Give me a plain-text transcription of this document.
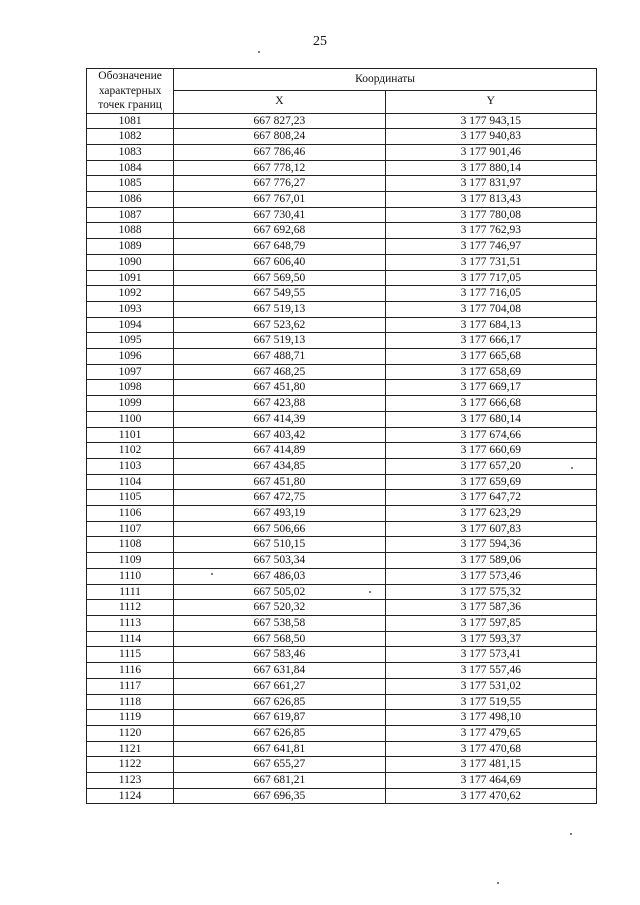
25
Обозначение характерных точек границ	Координаты	
	X	Y
1081	667 827,23	3 177 943,15
1082	667 808,24	3 177 940,83
1083	667 786,46	3 177 901,46
1084	667 778,12	3 177 880,14
1085	667 776,27	3 177 831,97
1086	667 767,01	3 177 813,43
1087	667 730,41	3 177 780,08
1088	667 692,68	3 177 762,93
1089	667 648,79	3 177 746,97
1090	667 606,40	3 177 731,51
1091	667 569,50	3 177 717,05
1092	667 549,55	3 177 716,05
1093	667 519,13	3 177 704,08
1094	667 523,62	3 177 684,13
1095	667 519,13	3 177 666,17
1096	667 488,71	3 177 665,68
1097	667 468,25	3 177 658,69
1098	667 451,80	3 177 669,17
1099	667 423,88	3 177 666,68
1100	667 414,39	3 177 680,14
1101	667 403,42	3 177 674,66
1102	667 414,89	3 177 660,69
1103	667 434,85	3 177 657,20
1104	667 451,80	3 177 659,69
1105	667 472,75	3 177 647,72
1106	667 493,19	3 177 623,29
1107	667 506,66	3 177 607,83
1108	667 510,15	3 177 594,36
1109	667 503,34	3 177 589,06
1110	667 486,03	3 177 573,46
1111	667 505,02	3 177 575,32
1112	667 520,32	3 177 587,36
1113	667 538,58	3 177 597,85
1114	667 568,50	3 177 593,37
1115	667 583,46	3 177 573,41
1116	667 631,84	3 177 557,46
1117	667 661,27	3 177 531,02
1118	667 626,85	3 177 519,55
1119	667 619,87	3 177 498,10
1120	667 626,85	3 177 479,65
1121	667 641,81	3 177 470,68
1122	667 655,27	3 177 481,15
1123	667 681,21	3 177 464,69
1124	667 696,35	3 177 470,62
